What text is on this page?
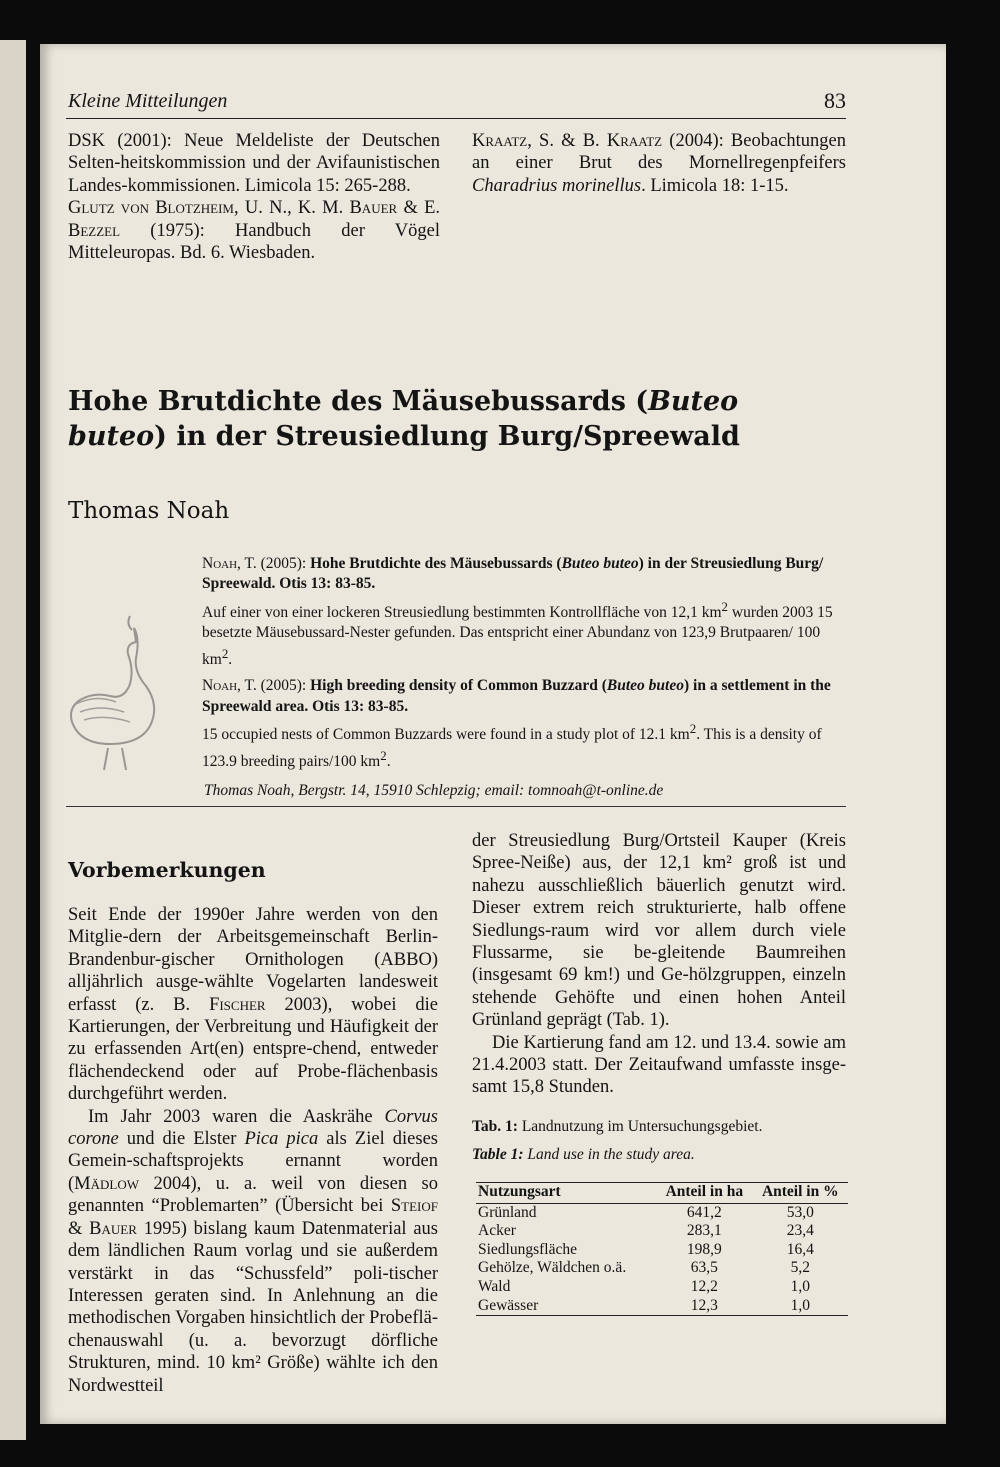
Kleine Mitteilungen	83

DSK (2001): Neue Meldeliste der Deutschen Selten-heitskommission und der Avifaunistischen Landes-kommissionen. Limicola 15: 265-288.

Glutz von Blotzheim, U. N., K. M. Bauer & E. Bezzel (1975): Handbuch der Vögel Mitteleuropas. Bd. 6. Wiesbaden.

Kraatz, S. & B. Kraatz (2004): Beobachtungen an einer Brut des Mornellregenpfeifers Charadrius morinellus. Limicola 18: 1-15.

Hohe Brutdichte des Mäusebussards (Buteo buteo) in der Streusiedlung Burg/Spreewald
Thomas Noah

Noah, T. (2005): Hohe Brutdichte des Mäusebussards (Buteo buteo) in der Streusiedlung Burg/ Spreewald. Otis 13: 83-85.

Auf einer von einer lockeren Streusiedlung bestimmten Kontrollfläche von 12,1 $km^2$ wurden 2003 15 besetzte Mäusebussard-Nester gefunden. Das entspricht einer Abundanz von 123,9 Brutpaaren/ 100 $km^2$.

Noah, T. (2005): High breeding density of Common Buzzard (Buteo buteo) in a settlement in the Spreewald area. Otis 13: 83-85.

15 occupied nests of Common Buzzards were found in a study plot of 12.1 $km^2$. This is a density of 123.9 breeding pairs/100 $km^2$.

Thomas Noah, Bergstr. 14, 15910 Schlepzig; email: tomnoah@t-online.de
Vorbemerkungen

Seit Ende der 1990er Jahre werden von den Mitglie-dern der Arbeitsgemeinschaft Berlin-Brandenbur-gischer Ornithologen (ABBO) alljährlich ausge-wählte Vogelarten landesweit erfasst (z. B. Fischer 2003), wobei die Kartierungen, der Verbreitung und Häufigkeit der zu erfassenden Art(en) entspre-chend, entweder flächendeckend oder auf Probe-flächenbasis durchgeführt werden.

Im Jahr 2003 waren die Aaskrähe Corvus corone und die Elster Pica pica als Ziel dieses Gemein-schaftsprojekts ernannt worden (Mädlow 2004), u. a. weil von diesen so genannten “Problemarten” (Übersicht bei Steiof & Bauer 1995) bislang kaum Datenmaterial aus dem ländlichen Raum vorlag und sie außerdem verstärkt in das “Schussfeld” poli-tischer Interessen geraten sind. In Anlehnung an die methodischen Vorgaben hinsichtlich der Probeflä-chenauswahl (u. a. bevorzugt dörfliche Strukturen, mind. 10 km² Größe) wählte ich den Nordwestteil

der Streusiedlung Burg/Ortsteil Kauper (Kreis Spree-Neiße) aus, der 12,1 km² groß ist und nahezu ausschließlich bäuerlich genutzt wird. Dieser extrem reich strukturierte, halb offene Siedlungs-raum wird vor allem durch viele Flussarme, sie be-gleitende Baumreihen (insgesamt 69 km!) und Ge-hölzgruppen, einzeln stehende Gehöfte und einen hohen Anteil Grünland geprägt (Tab. 1).

Die Kartierung fand am 12. und 13.4. sowie am 21.4.2003 statt. Der Zeitaufwand umfasste insge-samt 15,8 Stunden.

Tab. 1: Landnutzung im Untersuchungsgebiet.
Table 1: Land use in the study area.
Nutzungsart	Anteil in ha	Anteil in %
Grünland	641,2	53,0
Acker	283,1	23,4
Siedlungsfläche	198,9	16,4
Gehölze, Wäldchen o.ä.	63,5	5,2
Wald	12,2	1,0
Gewässer	12,3	1,0
